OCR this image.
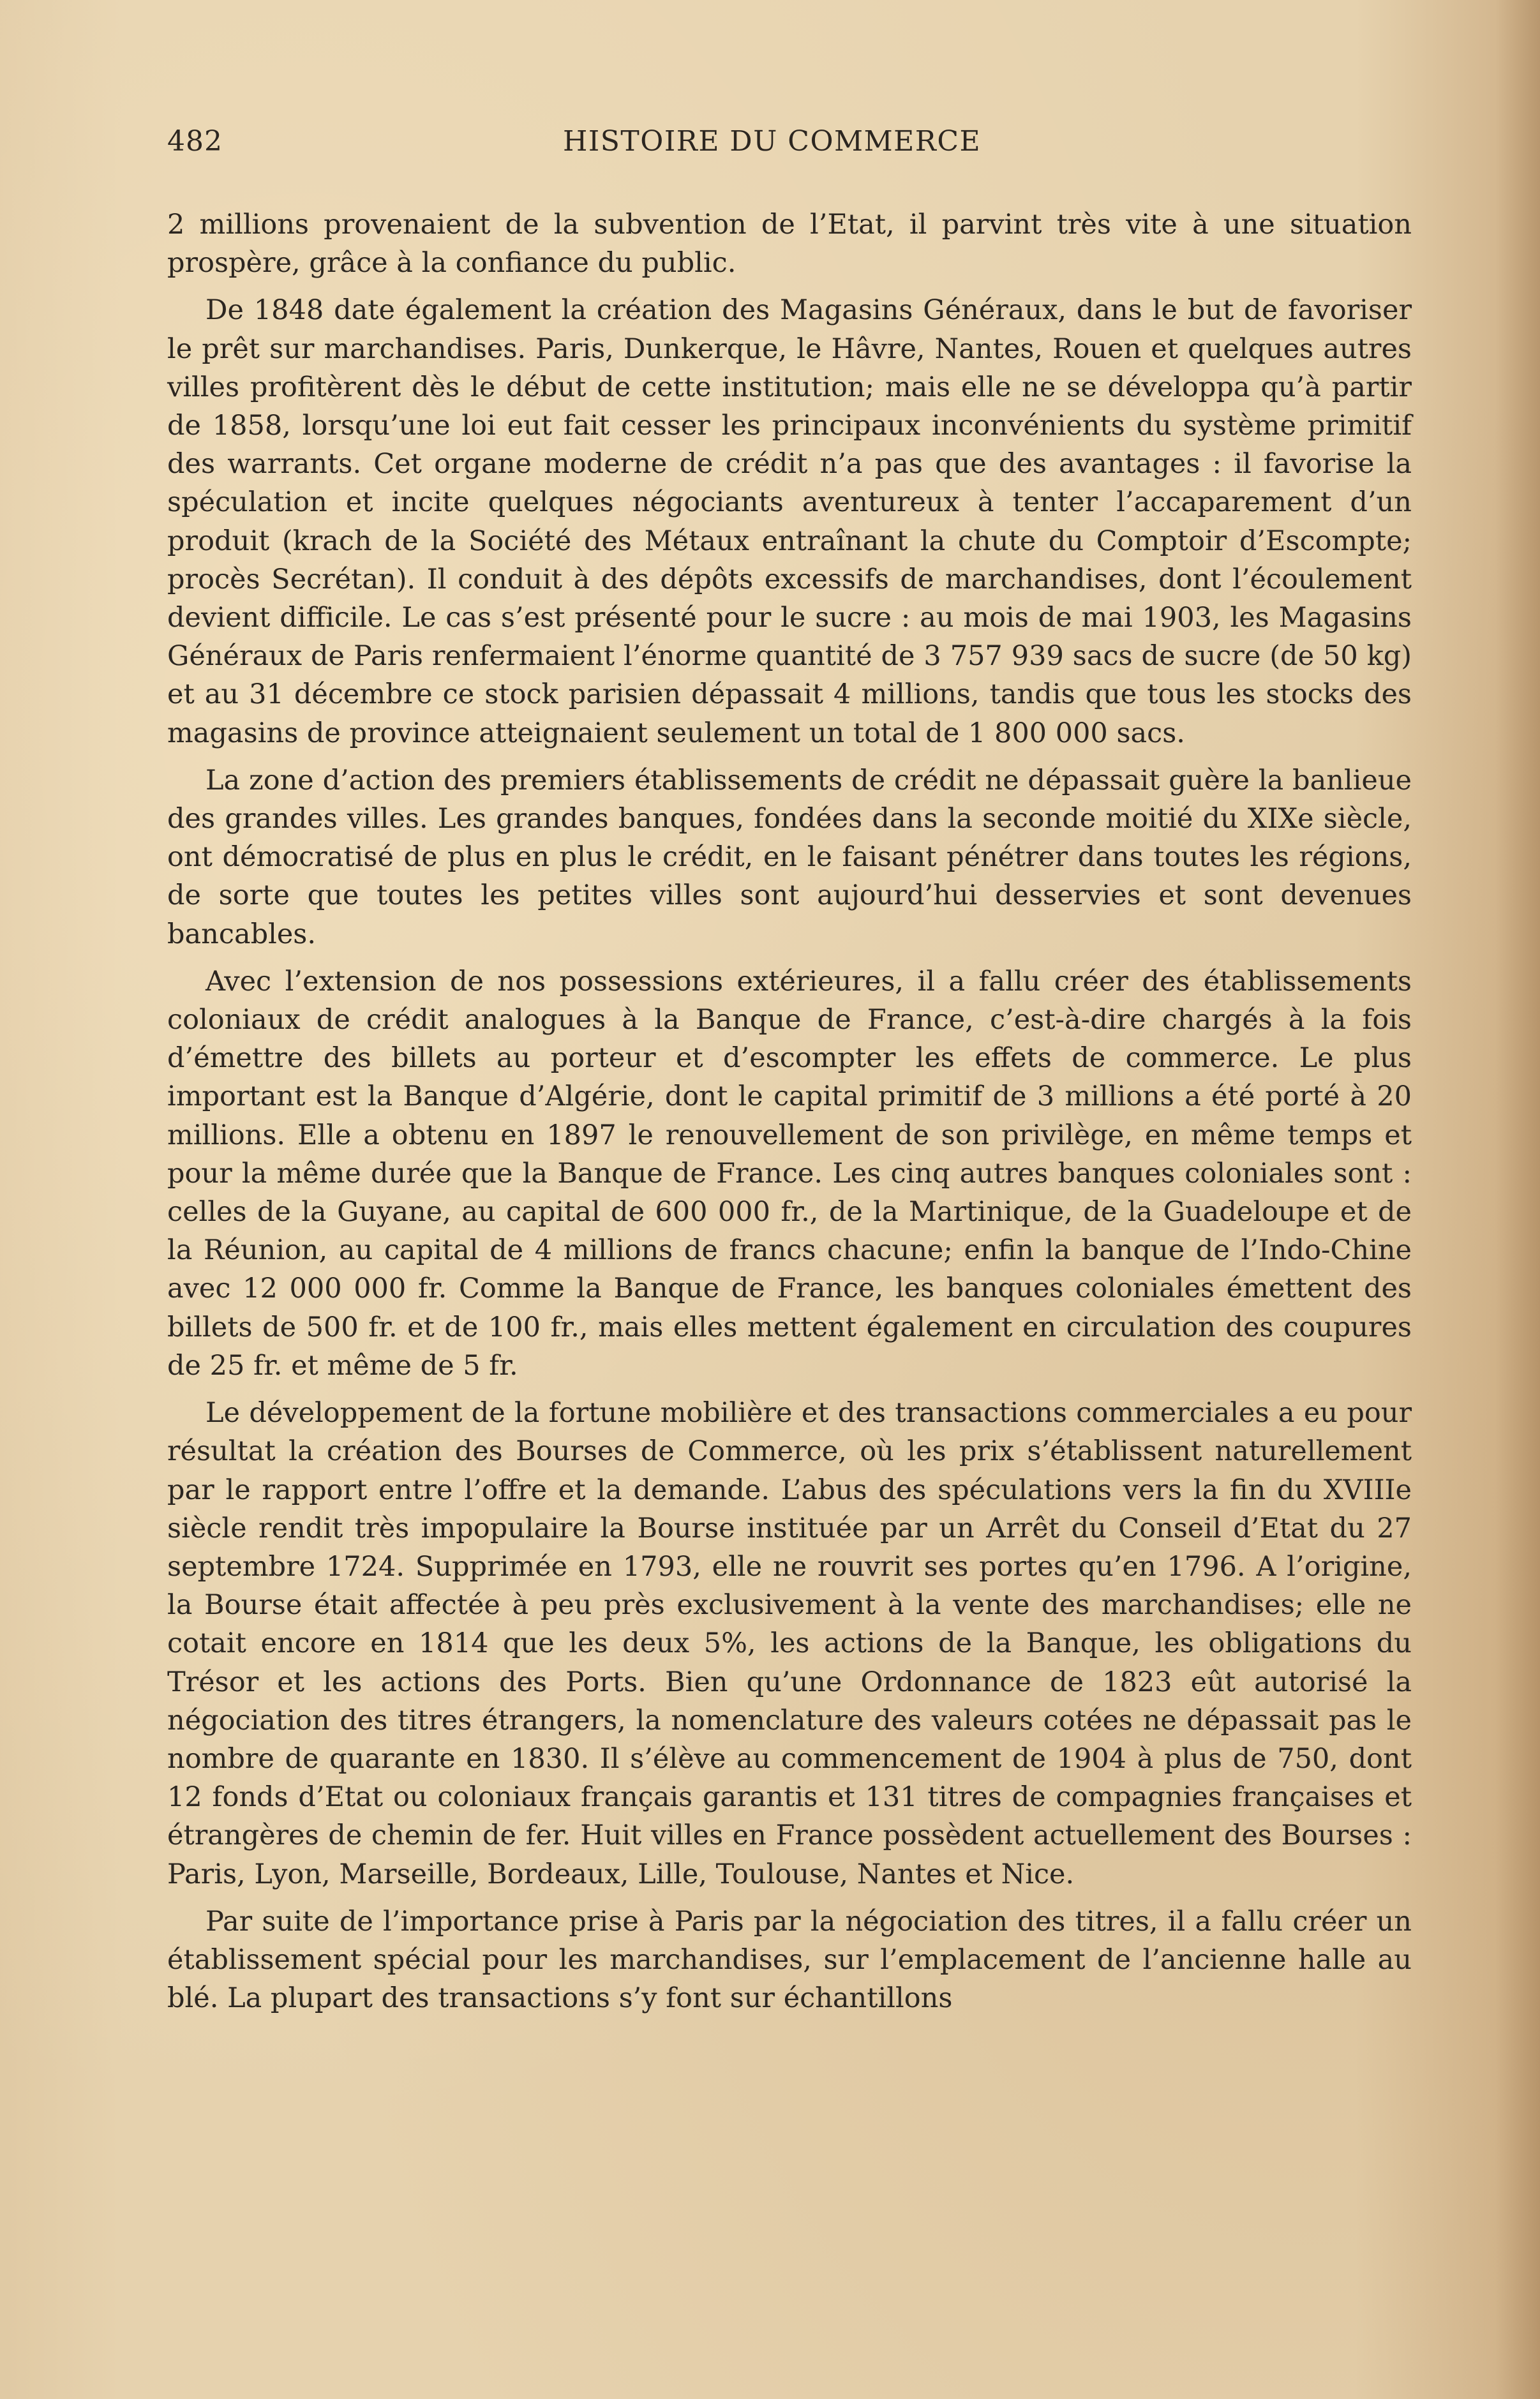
482	HISTOIRE DU COMMERCE

2 millions provenaient de la subvention de l’Etat, il parvint très vite à une situation prospère, grâce à la confiance du public.

De 1848 date également la création des Magasins Généraux, dans le but de favoriser le prêt sur marchandises. Paris, Dunkerque, le Hâvre, Nantes, Rouen et quelques autres villes profitèrent dès le début de cette institution; mais elle ne se développa qu’à partir de 1858, lorsqu’une loi eut fait cesser les principaux inconvénients du système primitif des warrants. Cet organe moderne de crédit n’a pas que des avantages : il favorise la spéculation et incite quelques négociants aventureux à tenter l’accaparement d’un produit (krach de la Société des Métaux entraînant la chute du Comptoir d’Escompte; procès Secrétan). Il conduit à des dépôts excessifs de marchandises, dont l’écoulement devient difficile. Le cas s’est présenté pour le sucre : au mois de mai 1903, les Magasins Généraux de Paris renfermaient l’énorme quantité de 3 757 939 sacs de sucre (de 50 kg) et au 31 décembre ce stock parisien dépassait 4 millions, tandis que tous les stocks des magasins de province atteignaient seulement un total de 1 800 000 sacs.

La zone d’action des premiers établissements de crédit ne dépassait guère la banlieue des grandes villes. Les grandes banques, fondées dans la seconde moitié du XIXe siècle, ont démocratisé de plus en plus le crédit, en le faisant pénétrer dans toutes les régions, de sorte que toutes les petites villes sont aujourd’hui desservies et sont devenues bancables.

Avec l’extension de nos possessions extérieures, il a fallu créer des établissements coloniaux de crédit analogues à la Banque de France, c’est-à-dire chargés à la fois d’émettre des billets au porteur et d’escompter les effets de commerce. Le plus important est la Banque d’Algérie, dont le capital primitif de 3 millions a été porté à 20 millions. Elle a obtenu en 1897 le renouvellement de son privilège, en même temps et pour la même durée que la Banque de France. Les cinq autres banques coloniales sont : celles de la Guyane, au capital de 600 000 fr., de la Martinique, de la Guadeloupe et de la Réunion, au capital de 4 millions de francs chacune; enfin la banque de l’Indo-Chine avec 12 000 000 fr. Comme la Banque de France, les banques coloniales émettent des billets de 500 fr. et de 100 fr., mais elles mettent également en circulation des coupures de 25 fr. et même de 5 fr.

Le développement de la fortune mobilière et des transactions commerciales a eu pour résultat la création des Bourses de Commerce, où les prix s’établissent naturellement par le rapport entre l’offre et la demande. L’abus des spéculations vers la fin du XVIIIe siècle rendit très impopulaire la Bourse instituée par un Arrêt du Conseil d’Etat du 27 septembre 1724. Supprimée en 1793, elle ne rouvrit ses portes qu’en 1796. A l’origine, la Bourse était affectée à peu près exclusivement à la vente des marchandises; elle ne cotait encore en 1814 que les deux 5%, les actions de la Banque, les obligations du Trésor et les actions des Ports. Bien qu’une Ordonnance de 1823 eût autorisé la négociation des titres étrangers, la nomenclature des valeurs cotées ne dépassait pas le nombre de quarante en 1830. Il s’élève au commencement de 1904 à plus de 750, dont 12 fonds d’Etat ou coloniaux français garantis et 131 titres de compagnies françaises et étrangères de chemin de fer. Huit villes en France possèdent actuellement des Bourses : Paris, Lyon, Marseille, Bordeaux, Lille, Toulouse, Nantes et Nice.

Par suite de l’importance prise à Paris par la négociation des titres, il a fallu créer un établissement spécial pour les marchandises, sur l’emplacement de l’ancienne halle au blé. La plupart des transactions s’y font sur échantillons
